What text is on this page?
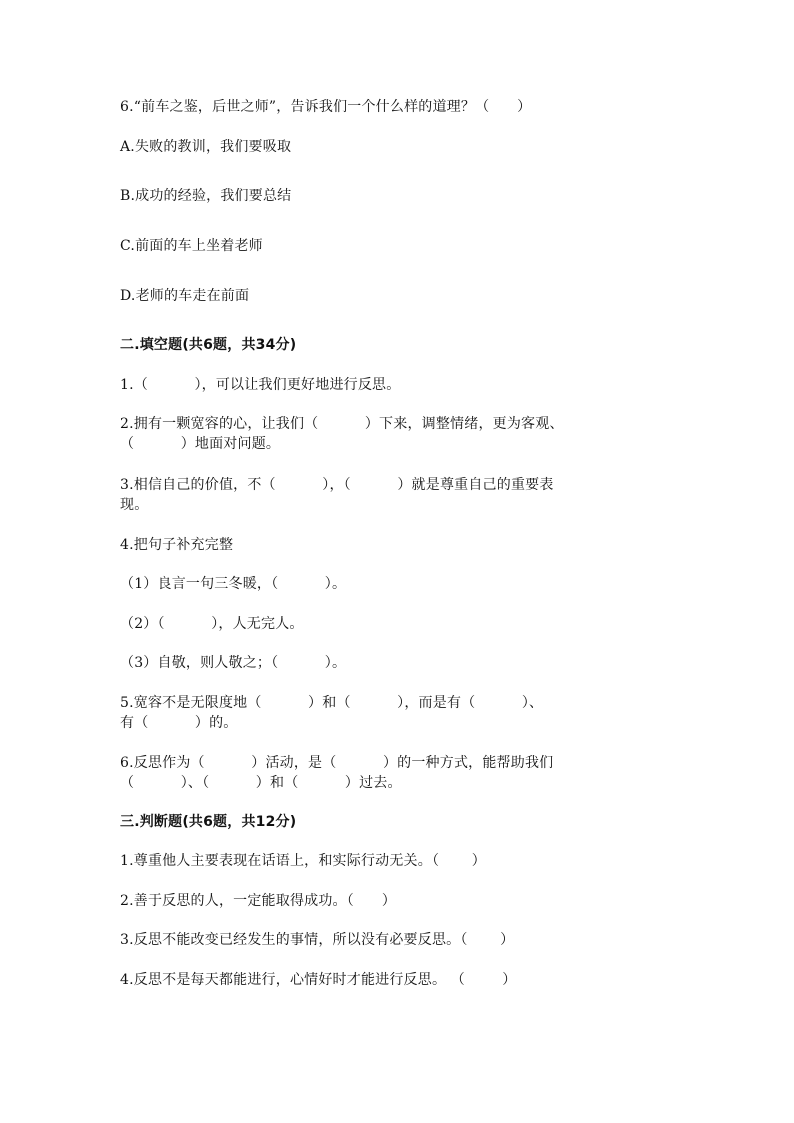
6.“前车之鉴，后世之师”，告诉我们一个什么样的道理？（      ）
A.失败的教训，我们要吸取
B.成功的经验，我们要总结
C.前面的车上坐着老师
D.老师的车走在前面
二.填空题(共6题，共34分)
1.（          ），可以让我们更好地进行反思。
2.拥有一颗宽容的心，让我们（          ）下来，调整情绪，更为客观、
（          ）地面对问题。
3.相信自己的价值，不（          ），（          ）就是尊重自己的重要表
现。
4.把句子补充完整
（1）良言一句三冬暖，（          ）。
（2）（          ），人无完人。
（3）自敬，则人敬之；（          ）。
5.宽容不是无限度地（          ）和（          ），而是有（          ）、
有（          ）的。
6.反思作为（          ）活动，是（          ）的一种方式，能帮助我们
（          ）、（          ）和（          ）过去。
三.判断题(共6题，共12分)
1.尊重他人主要表现在话语上，和实际行动无关。（       ）
2.善于反思的人，一定能取得成功。（      ）
3.反思不能改变已经发生的事情，所以没有必要反思。（       ）
4.反思不是每天都能进行，心情好时才能进行反思。 （        ）
